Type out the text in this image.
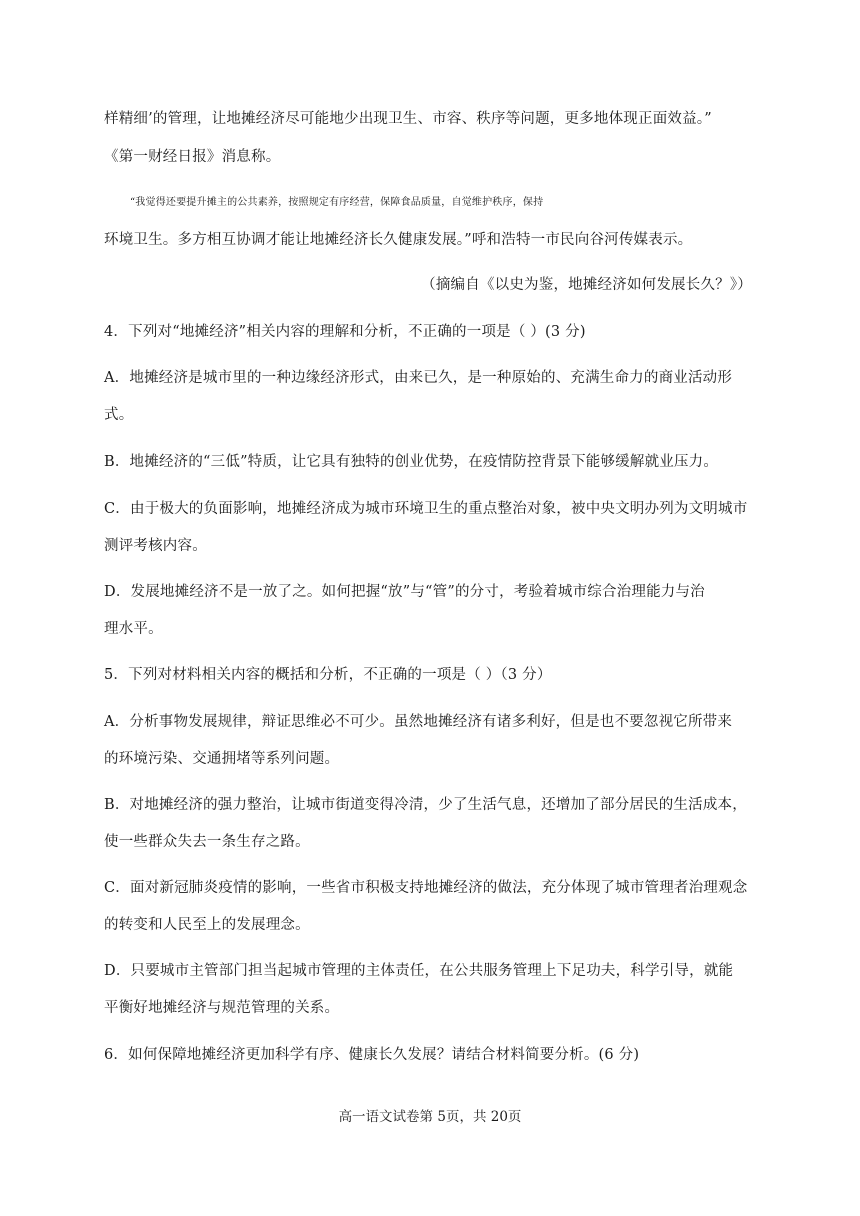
样精细’的管理，让地摊经济尽可能地少出现卫生、市容、秩序等问题，更多地体现正面效益。”
《第一财经日报》消息称。
“我觉得还要提升摊主的公共素养，按照规定有序经营，保障食品质量，自觉维护秩序，保持
环境卫生。多方相互协调才能让地摊经济长久健康发展。”呼和浩特一市民向谷河传媒表示。
（摘编自《以史为鉴，地摊经济如何发展长久？》）
4．下列对“地摊经济”相关内容的理解和分析，不正确的一项是（ ）(3 分)
A．地摊经济是城市里的一种边缘经济形式，由来已久，是一种原始的、充满生命力的商业活动形
式。
B．地摊经济的“三低”特质，让它具有独特的创业优势，在疫情防控背景下能够缓解就业压力。
C．由于极大的负面影响，地摊经济成为城市环境卫生的重点整治对象，被中央文明办列为文明城市
测评考核内容。
D．发展地摊经济不是一放了之。如何把握“放”与“管”的分寸，考验着城市综合治理能力与治
理水平。
5．下列对材料相关内容的概括和分析，不正确的一项是（ ）（3 分）
A．分析事物发展规律，辩证思维必不可少。虽然地摊经济有诸多利好，但是也不要忽视它所带来
的环境污染、交通拥堵等系列问题。
B．对地摊经济的强力整治，让城市街道变得冷清，少了生活气息，还增加了部分居民的生活成本，
使一些群众失去一条生存之路。
C．面对新冠肺炎疫情的影响，一些省市积极支持地摊经济的做法，充分体现了城市管理者治理观念
的转变和人民至上的发展理念。
D．只要城市主管部门担当起城市管理的主体责任，在公共服务管理上下足功夫，科学引导，就能
平衡好地摊经济与规范管理的关系。
6．如何保障地摊经济更加科学有序、健康长久发展？请结合材料简要分析。(6 分)
高一语文试卷第 5页，共 20页
